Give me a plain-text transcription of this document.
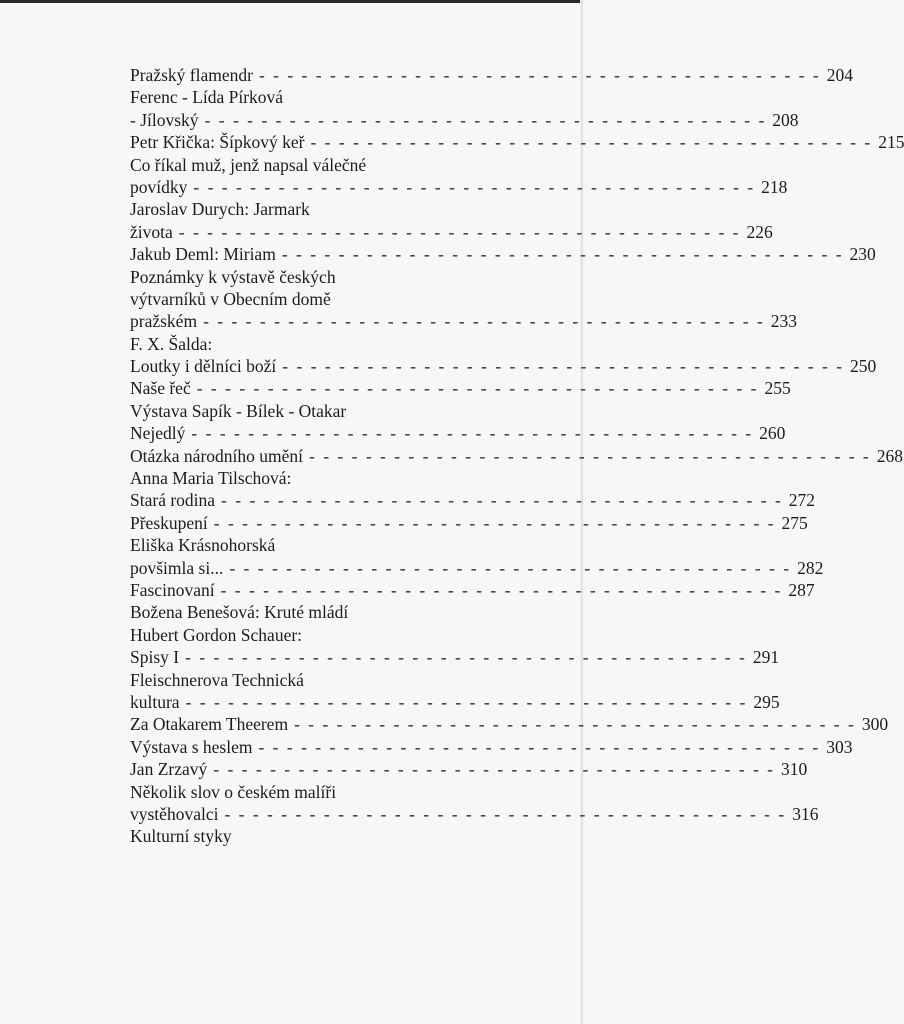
Pražský flamendr - - - - - - - - - - - - - - - - - - - - - - - - - - - - - - - - - - - - - - - - 204
Ferenc - Lída Pírková
- Jílovský - - - - - - - - - - - - - - - - - - - - - - - - - - - - - - - - - - - - - - - - 208
Petr Křička: Šípkový keř - - - - - - - - - - - - - - - - - - - - - - - - - - - - - - - - - - - - - - - - 215
Co říkal muž, jenž napsal válečné
povídky - - - - - - - - - - - - - - - - - - - - - - - - - - - - - - - - - - - - - - - - 218
Jaroslav Durych: Jarmark
života - - - - - - - - - - - - - - - - - - - - - - - - - - - - - - - - - - - - - - - - 226
Jakub Deml: Miriam - - - - - - - - - - - - - - - - - - - - - - - - - - - - - - - - - - - - - - - - 230
Poznámky k výstavě českých
výtvarníků v Obecním domě
pražském - - - - - - - - - - - - - - - - - - - - - - - - - - - - - - - - - - - - - - - - 233
F. X. Šalda:
Loutky i dělníci boží - - - - - - - - - - - - - - - - - - - - - - - - - - - - - - - - - - - - - - - - 250
Naše řeč - - - - - - - - - - - - - - - - - - - - - - - - - - - - - - - - - - - - - - - - 255
Výstava Sapík - Bílek - Otakar
Nejedlý - - - - - - - - - - - - - - - - - - - - - - - - - - - - - - - - - - - - - - - - 260
Otázka národního umění - - - - - - - - - - - - - - - - - - - - - - - - - - - - - - - - - - - - - - - - 268
Anna Maria Tilschová:
Stará rodina - - - - - - - - - - - - - - - - - - - - - - - - - - - - - - - - - - - - - - - - 272
Přeskupení - - - - - - - - - - - - - - - - - - - - - - - - - - - - - - - - - - - - - - - - 275
Eliška Krásnohorská
povšimla si... - - - - - - - - - - - - - - - - - - - - - - - - - - - - - - - - - - - - - - - - 282
Fascinovaní - - - - - - - - - - - - - - - - - - - - - - - - - - - - - - - - - - - - - - - - 287
Božena Benešová: Kruté mládí
Hubert Gordon Schauer:
Spisy I - - - - - - - - - - - - - - - - - - - - - - - - - - - - - - - - - - - - - - - - 291
Fleischnerova Technická
kultura - - - - - - - - - - - - - - - - - - - - - - - - - - - - - - - - - - - - - - - - 295
Za Otakarem Theerem - - - - - - - - - - - - - - - - - - - - - - - - - - - - - - - - - - - - - - - - 300
Výstava s heslem - - - - - - - - - - - - - - - - - - - - - - - - - - - - - - - - - - - - - - - - 303
Jan Zrzavý - - - - - - - - - - - - - - - - - - - - - - - - - - - - - - - - - - - - - - - - 310
Několik slov o českém malíři
vystěhovalci - - - - - - - - - - - - - - - - - - - - - - - - - - - - - - - - - - - - - - - - 316
Kulturní styky
